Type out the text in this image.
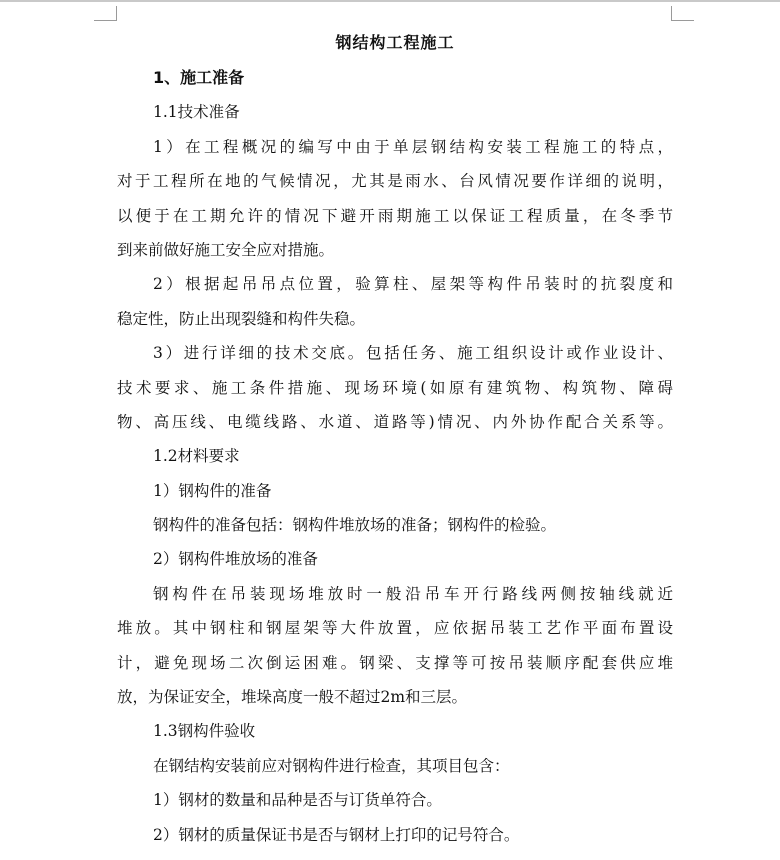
钢结构工程施工

1、施工准备

1.1技术准备

1）在工程概况的编写中由于单层钢结构安装工程施工的特点，

对于工程所在地的气候情况，尤其是雨水、台风情况要作详细的说明，

以便于在工期允许的情况下避开雨期施工以保证工程质量，在冬季节

到来前做好施工安全应对措施。

2）根据起吊吊点位置，验算柱、屋架等构件吊装时的抗裂度和

稳定性，防止出现裂缝和构件失稳。

3）进行详细的技术交底。包括任务、施工组织设计或作业设计、

技术要求、施工条件措施、现场环境(如原有建筑物、构筑物、障碍

物、高压线、电缆线路、水道、道路等)情况、内外协作配合关系等。

1.2材料要求

1）钢构件的准备

钢构件的准备包括：钢构件堆放场的准备；钢构件的检验。

2）钢构件堆放场的准备

钢构件在吊装现场堆放时一般沿吊车开行路线两侧按轴线就近

堆放。其中钢柱和钢屋架等大件放置，应依据吊装工艺作平面布置设

计，避免现场二次倒运困难。钢梁、支撑等可按吊装顺序配套供应堆

放，为保证安全，堆垛高度一般不超过2m和三层。

1.3钢构件验收

在钢结构安装前应对钢构件进行检查，其项目包含：

1）钢材的数量和品种是否与订货单符合。

2）钢材的质量保证书是否与钢材上打印的记号符合。
